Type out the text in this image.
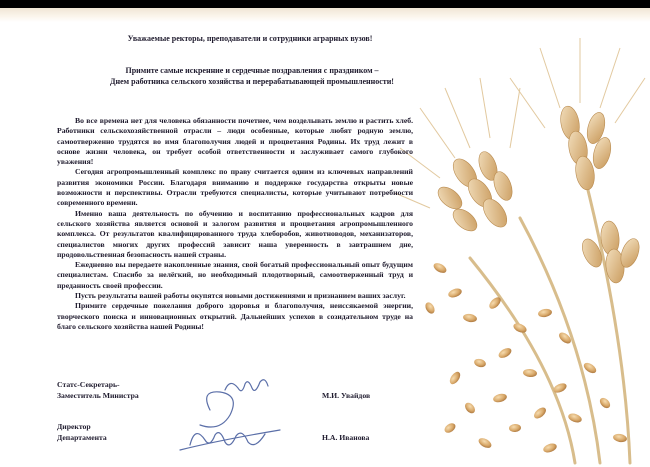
Уважаемые ректоры, преподаватели и сотрудники аграрных вузов!

Примите самые искренние и сердечные поздравления с праздником –
Днем работника сельского хозяйства и перерабатывающей промышленности!

Во все времена нет для человека обязанности почетнее, чем возделывать землю и растить хлеб. Работники сельскохозяйственной отрасли – люди особенные, которые любят родную землю, самоотверженно трудятся во имя благополучия людей и процветания Родины. Их труд лежит в основе жизни человека, он требует особой ответственности и заслуживает самого глубокого уважения!

Сегодня агропромышленный комплекс по праву считается одним из ключевых направлений развития экономики России. Благодаря вниманию и поддержке государства открыты новые возможности и перспективы. Отрасли требуются специалисты, которые учитывают потребности современного времени.

Именно ваша деятельность по обучению и воспитанию профессиональных кадров для сельского хозяйства является основой и залогом развития и процветания агропромышленного комплекса. От результатов квалифицированного труда хлеборобов, животноводов, механизаторов, специалистов многих других профессий зависит наша уверенность в завтрашнем дне, продовольственная безопасность нашей страны.

Ежедневно вы передаете накопленные знания, свой богатый профессиональный опыт будущим специалистам. Спасибо за нелёгкий, но необходимый плодотворный, самоотверженный труд и преданность своей профессии.

Пусть результаты вашей работы окупятся новыми достижениями и признанием ваших заслуг.

Примите сердечные пожелания доброго здоровья и благополучия, неиссякаемой энергии, творческого поиска и инновационных открытий. Дальнейших успехов в созидательном труде на благо сельского хозяйства нашей Родины!

Статс-Секретарь-
Заместитель Министра	М.И. Увайдов
Директор
Департамента	Н.А. Иванова
